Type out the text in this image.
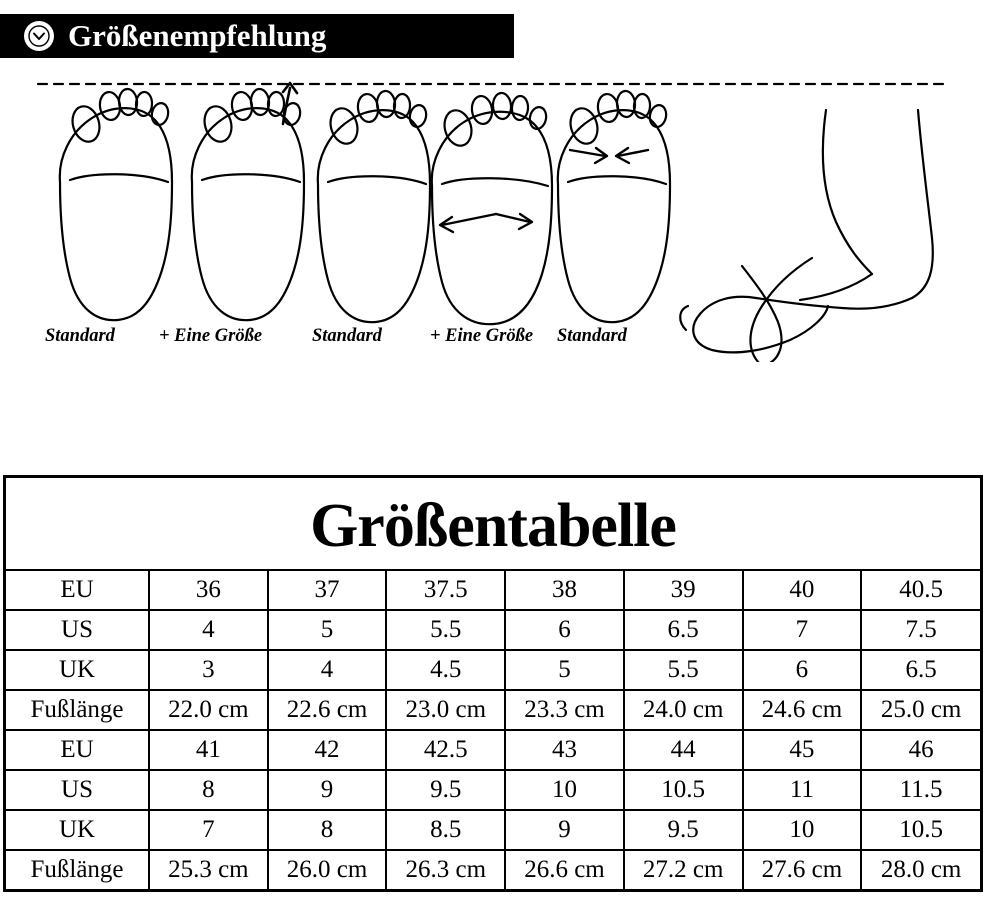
Größenempfehlung
Standard + Eine Größe	Standard	+ Eine Größe Standard
Größentabelle
EU	36	37	37.5	38	39	40	40.5
US	4	5	5.5	6	6.5	7	7.5
UK	3	4	4.5	5	5.5	6	6.5
Fußlänge	22.0 cm	22.6 cm	23.0 cm	23.3 cm	24.0 cm	24.6 cm	25.0 cm
EU	41	42	42.5	43	44	45	46
US	8	9	9.5	10	10.5	11	11.5
UK	7	8	8.5	9	9.5	10	10.5
Fußlänge	25.3 cm	26.0 cm	26.3 cm	26.6 cm	27.2 cm	27.6 cm	28.0 cm
